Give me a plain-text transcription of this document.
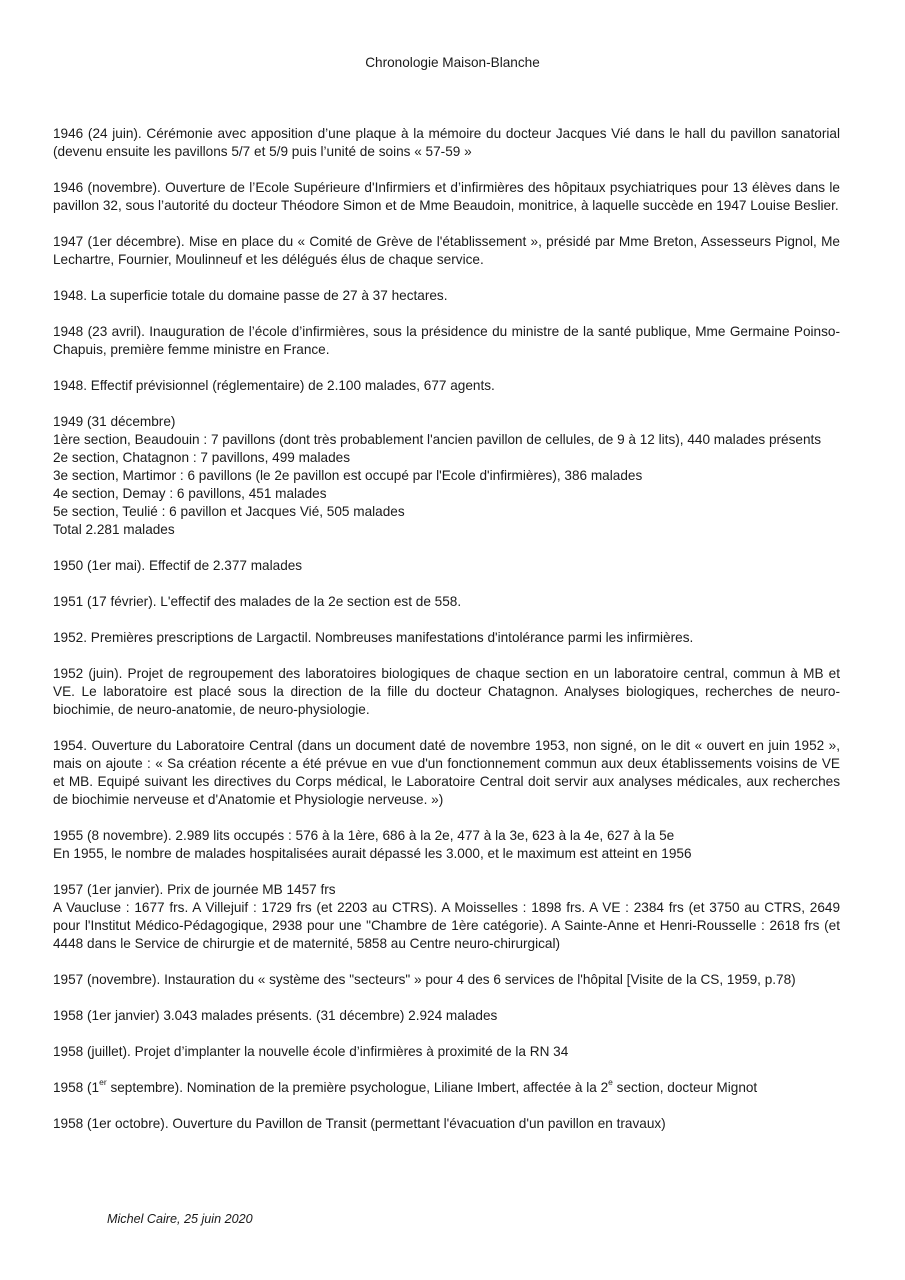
Chronologie Maison-Blanche

1946 (24 juin). Cérémonie avec apposition d’une plaque à la mémoire du docteur Jacques Vié dans le hall du pavillon sanatorial (devenu ensuite les pavillons 5/7 et 5/9 puis l’unité de soins « 57-59 »

1946 (novembre). Ouverture de l’Ecole Supérieure d'Infirmiers et d’infirmières des hôpitaux psychiatriques pour 13 élèves dans le pavillon 32, sous l’autorité du docteur Théodore Simon et de Mme Beaudoin, monitrice, à laquelle succède en 1947 Louise Beslier.

1947 (1er décembre). Mise en place du « Comité de Grève de l'établissement », présidé par Mme Breton, Assesseurs Pignol, Me Lechartre, Fournier, Moulinneuf et les délégués élus de chaque service.

1948. La superficie totale du domaine passe de 27 à 37 hectares.

1948 (23 avril). Inauguration de l’école d’infirmières, sous la présidence du ministre de la santé publique, Mme Germaine Poinso-Chapuis, première femme ministre en France.

1948. Effectif prévisionnel (réglementaire) de 2.100 malades, 677 agents.

1949 (31 décembre)
1ère section, Beaudouin : 7 pavillons (dont très probablement l'ancien pavillon de cellules, de 9 à 12 lits), 440 malades présents
2e section, Chatagnon : 7 pavillons, 499 malades
3e section, Martimor : 6 pavillons (le 2e pavillon est occupé par l'Ecole d'infirmières), 386 malades
4e section, Demay : 6 pavillons, 451 malades
5e section, Teulié : 6 pavillon et Jacques Vié, 505 malades
Total 2.281 malades

1950 (1er mai). Effectif de 2.377 malades

1951 (17 février). L'effectif des malades de la 2e section est de 558.

1952. Premières prescriptions de Largactil. Nombreuses manifestations d'intolérance parmi les infirmières.

1952 (juin). Projet de regroupement des laboratoires biologiques de chaque section en un laboratoire central, commun à MB et VE. Le laboratoire est placé sous la direction de la fille du docteur Chatagnon. Analyses biologiques, recherches de neuro-biochimie, de neuro-anatomie, de neuro-physiologie.

1954. Ouverture du Laboratoire Central (dans un document daté de novembre 1953, non signé, on le dit « ouvert en juin 1952 », mais on ajoute : « Sa création récente a été prévue en vue d'un fonctionnement commun aux deux établissements voisins de VE et MB. Equipé suivant les directives du Corps médical, le Laboratoire Central doit servir aux analyses médicales, aux recherches de biochimie nerveuse et d'Anatomie et Physiologie nerveuse. »)

1955 (8 novembre). 2.989 lits occupés : 576 à la 1ère, 686 à la 2e, 477 à la 3e, 623 à la 4e, 627 à la 5e
En 1955, le nombre de malades hospitalisées aurait dépassé les 3.000, et le maximum est atteint en 1956
1957 (1er janvier). Prix de journée MB 1457 frs
A Vaucluse : 1677 frs. A Villejuif : 1729 frs (et 2203 au CTRS). A Moisselles : 1898 frs. A VE : 2384 frs (et 3750 au CTRS, 2649 pour l'Institut Médico-Pédagogique, 2938 pour une "Chambre de 1ère catégorie). A Sainte-Anne et Henri-Rousselle : 2618 frs (et 4448 dans le Service de chirurgie et de maternité, 5858 au Centre neuro-chirurgical)

1957 (novembre). Instauration du « système des "secteurs" » pour 4 des 6 services de l'hôpital [Visite de la CS, 1959, p.78)

1958 (1er janvier) 3.043 malades présents. (31 décembre) 2.924 malades

1958 (juillet). Projet d’implanter la nouvelle école d’infirmières à proximité de la RN 34

1958 (1er septembre). Nomination de la première psychologue, Liliane Imbert, affectée à la 2e section, docteur Mignot

1958 (1er octobre). Ouverture du Pavillon de Transit (permettant l'évacuation d'un pavillon en travaux)

Michel Caire, 25 juin 2020
